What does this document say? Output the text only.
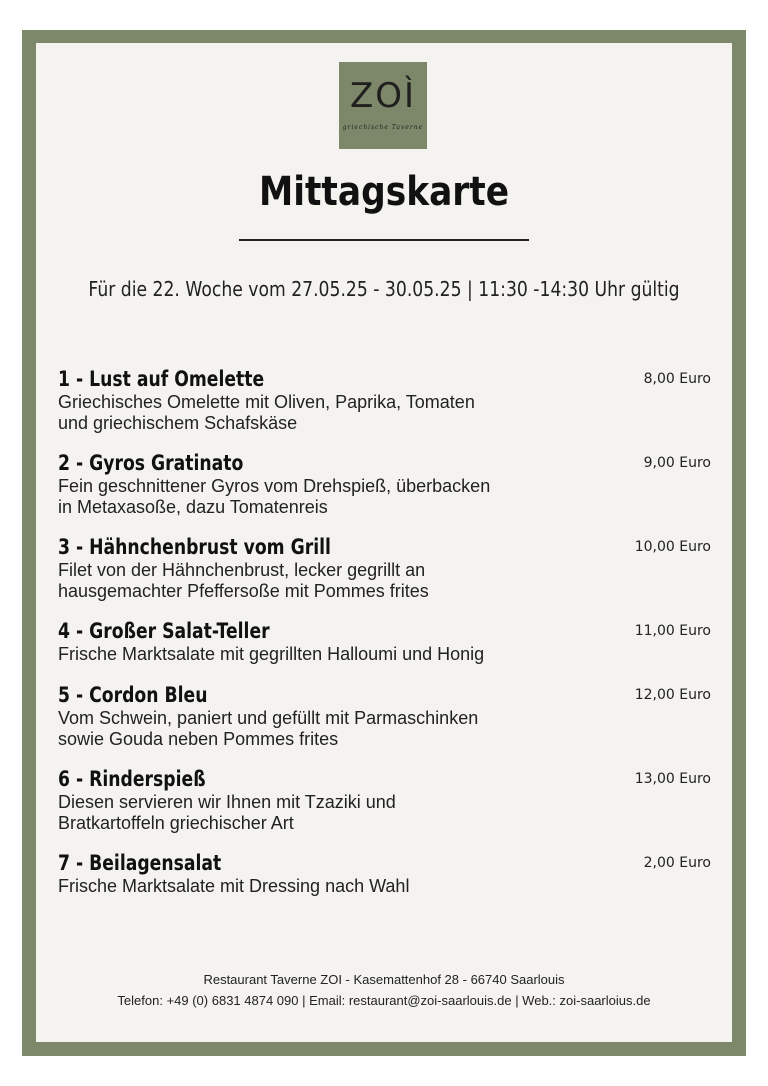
ZOÌ
griechische Taverne
Mittagskarte
Für die 22. Woche vom 27.05.25 - 30.05.25 | 11:30 -14:30 Uhr gültig
1 - Lust auf Omelette	8,00 Euro
Griechisches Omelette mit Oliven, Paprika, Tomaten
und griechischem Schafskäse
2 - Gyros Gratinato	9,00 Euro
Fein geschnittener Gyros vom Drehspieß, überbacken
in Metaxasoße, dazu Tomatenreis
3 - Hähnchenbrust vom Grill	10,00 Euro
Filet von der Hähnchenbrust, lecker gegrillt an
hausgemachter Pfeffersoße mit Pommes frites
4 - Großer Salat-Teller	11,00 Euro
Frische Marktsalate mit gegrillten Halloumi und Honig
5 - Cordon Bleu	12,00 Euro
Vom Schwein, paniert und gefüllt mit Parmaschinken
sowie Gouda neben Pommes frites
6 - Rinderspieß	13,00 Euro
Diesen servieren wir Ihnen mit Tzaziki und
Bratkartoffeln griechischer Art
7 - Beilagensalat	2,00 Euro
Frische Marktsalate mit Dressing nach Wahl
Restaurant Taverne ZOI - Kasemattenhof 28 - 66740 Saarlouis
Telefon: +49 (0) 6831 4874 090 | Email: restaurant@zoi-saarlouis.de | Web.: zoi-saarloius.de
